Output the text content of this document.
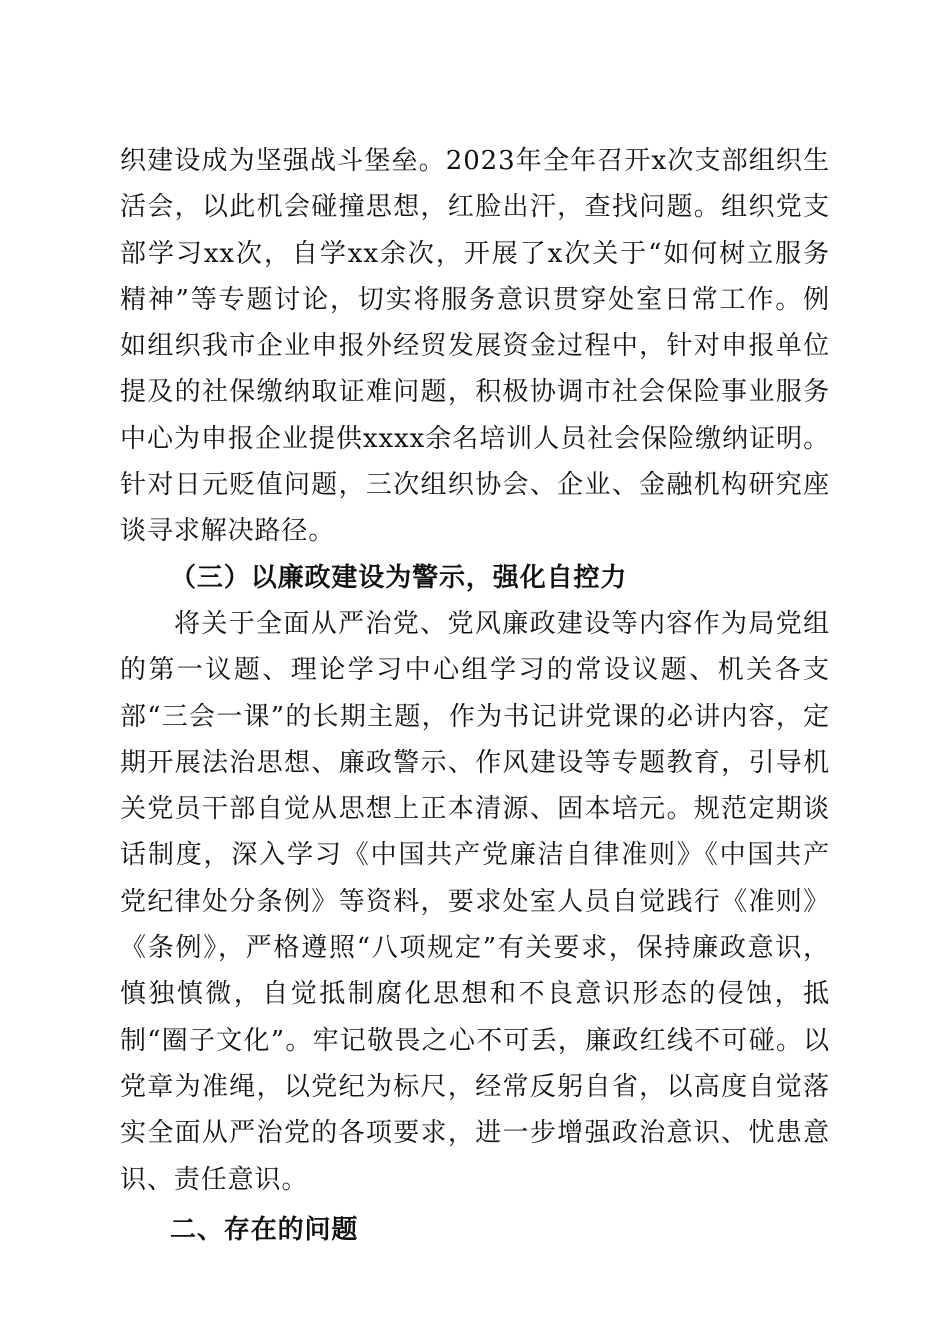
织建设成为坚强战斗堡垒。2023年全年召开x次支部组织生活会，以此机会碰撞思想，红脸出汗，查找问题。组织党支部学习xx次，自学xx余次，开展了x次关于“如何树立服务精神”等专题讨论，切实将服务意识贯穿处室日常工作。例如组织我市企业申报外经贸发展资金过程中，针对申报单位提及的社保缴纳取证难问题，积极协调市社会保险事业服务中心为申报企业提供xxxx余名培训人员社会保险缴纳证明。针对日元贬值问题，三次组织协会、企业、金融机构研究座谈寻求解决路径。

（三）以廉政建设为警示，强化自控力

将关于全面从严治党、党风廉政建设等内容作为局党组的第一议题、理论学习中心组学习的常设议题、机关各支部“三会一课”的长期主题，作为书记讲党课的必讲内容，定期开展法治思想、廉政警示、作风建设等专题教育，引导机关党员干部自觉从思想上正本清源、固本培元。规范定期谈话制度，深入学习《中国共产党廉洁自律准则》《中国共产党纪律处分条例》等资料，要求处室人员自觉践行《准则》《条例》，严格遵照“八项规定”有关要求，保持廉政意识，慎独慎微，自觉抵制腐化思想和不良意识形态的侵蚀，抵制“圈子文化”。牢记敬畏之心不可丢，廉政红线不可碰。以党章为准绳，以党纪为标尺，经常反躬自省，以高度自觉落实全面从严治党的各项要求，进一步增强政治意识、忧患意识、责任意识。

二、存在的问题
